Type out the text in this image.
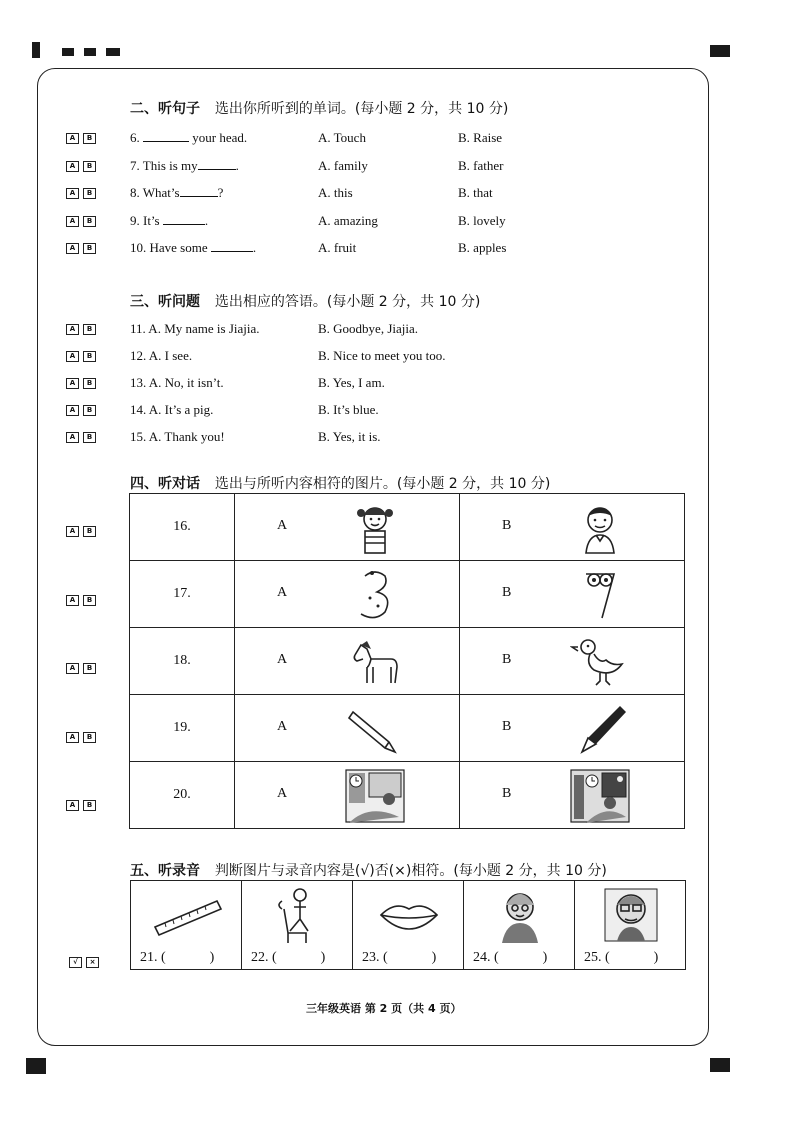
二、听句子 选出你所听到的单词。(每小题 2 分，共 10 分)
A	B	6.	your head.	A. Touch	B. Raise
A	B	7. This is my	.	A. family	B. father
A	B	8. What’s	?	A. this	B. that
A	B	9. It’s	.	A. amazing	B. lovely
A	B	10. Have some	.	A. fruit	B. apples
三、听问题 选出相应的答语。(每小题 2 分，共 10 分)
A	B	11. A. My name is Jiajia.	B. Goodbye, Jiajia.
A	B	12. A. I see.	B. Nice to meet you too.
A	B	13. A. No, it isn’t.	B. Yes, I am.
A	B	14. A. It’s a pig.	B. It’s blue.
A	B	15. A. Thank you!	B. Yes, it is.
四、听对话 选出与所听内容相符的图片。(每小题 2 分，共 10 分)
16.	A	B

17.	A	B

18.	A	B

19.	A	B

20.	A	B
A	B
A	B
A	B
A	B
A	B
五、听录音 判断图片与录音内容是(√)否(×)相符。(每小题 2 分，共 10 分)
21. (	)	22. (	)	23. (	)	24. (	)	25. (	)
√	×
三年级英语 第 2 页（共 4 页）
